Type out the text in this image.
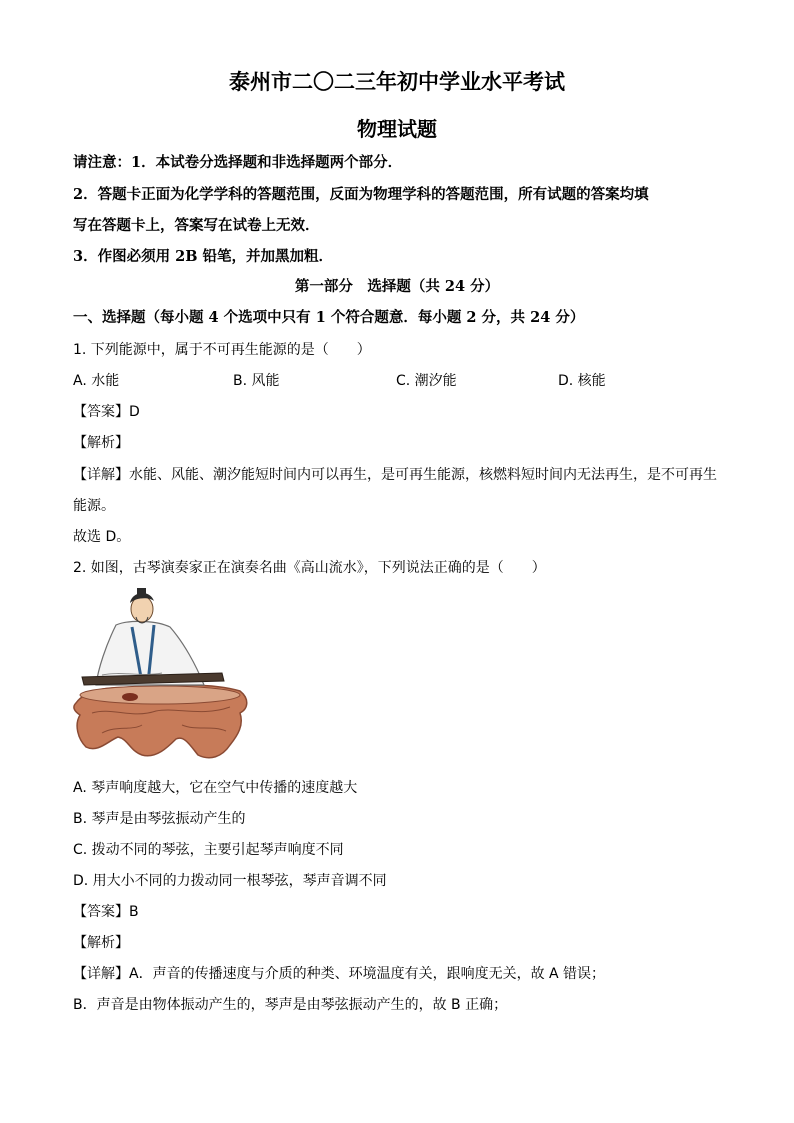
泰州市二〇二三年初中学业水平考试
物理试题
请注意：1．本试卷分选择题和非选择题两个部分．
2．答题卡正面为化学学科的答题范围，反面为物理学科的答题范围，所有试题的答案均填
写在答题卡上，答案写在试卷上无效．
3．作图必须用 2B 铅笔，并加黑加粗．
第一部分　选择题（共 24 分）
一、选择题（每小题 4 个选项中只有 1 个符合题意．每小题 2 分，共 24 分）
1. 下列能源中，属于不可再生能源的是（　　）
A. 水能	B. 风能	C. 潮汐能	D. 核能
【答案】D
【解析】
【详解】水能、风能、潮汐能短时间内可以再生，是可再生能源，核燃料短时间内无法再生，是不可再生
能源。
故选 D。
2. 如图，古琴演奏家正在演奏名曲《高山流水》，下列说法正确的是（　　）
A. 琴声响度越大，它在空气中传播的速度越大
B. 琴声是由琴弦振动产生的
C. 拨动不同的琴弦，主要引起琴声响度不同
D. 用大小不同的力拨动同一根琴弦，琴声音调不同
【答案】B
【解析】
【详解】A．声音的传播速度与介质的种类、环境温度有关，跟响度无关，故 A 错误；
B．声音是由物体振动产生的，琴声是由琴弦振动产生的，故 B 正确；
